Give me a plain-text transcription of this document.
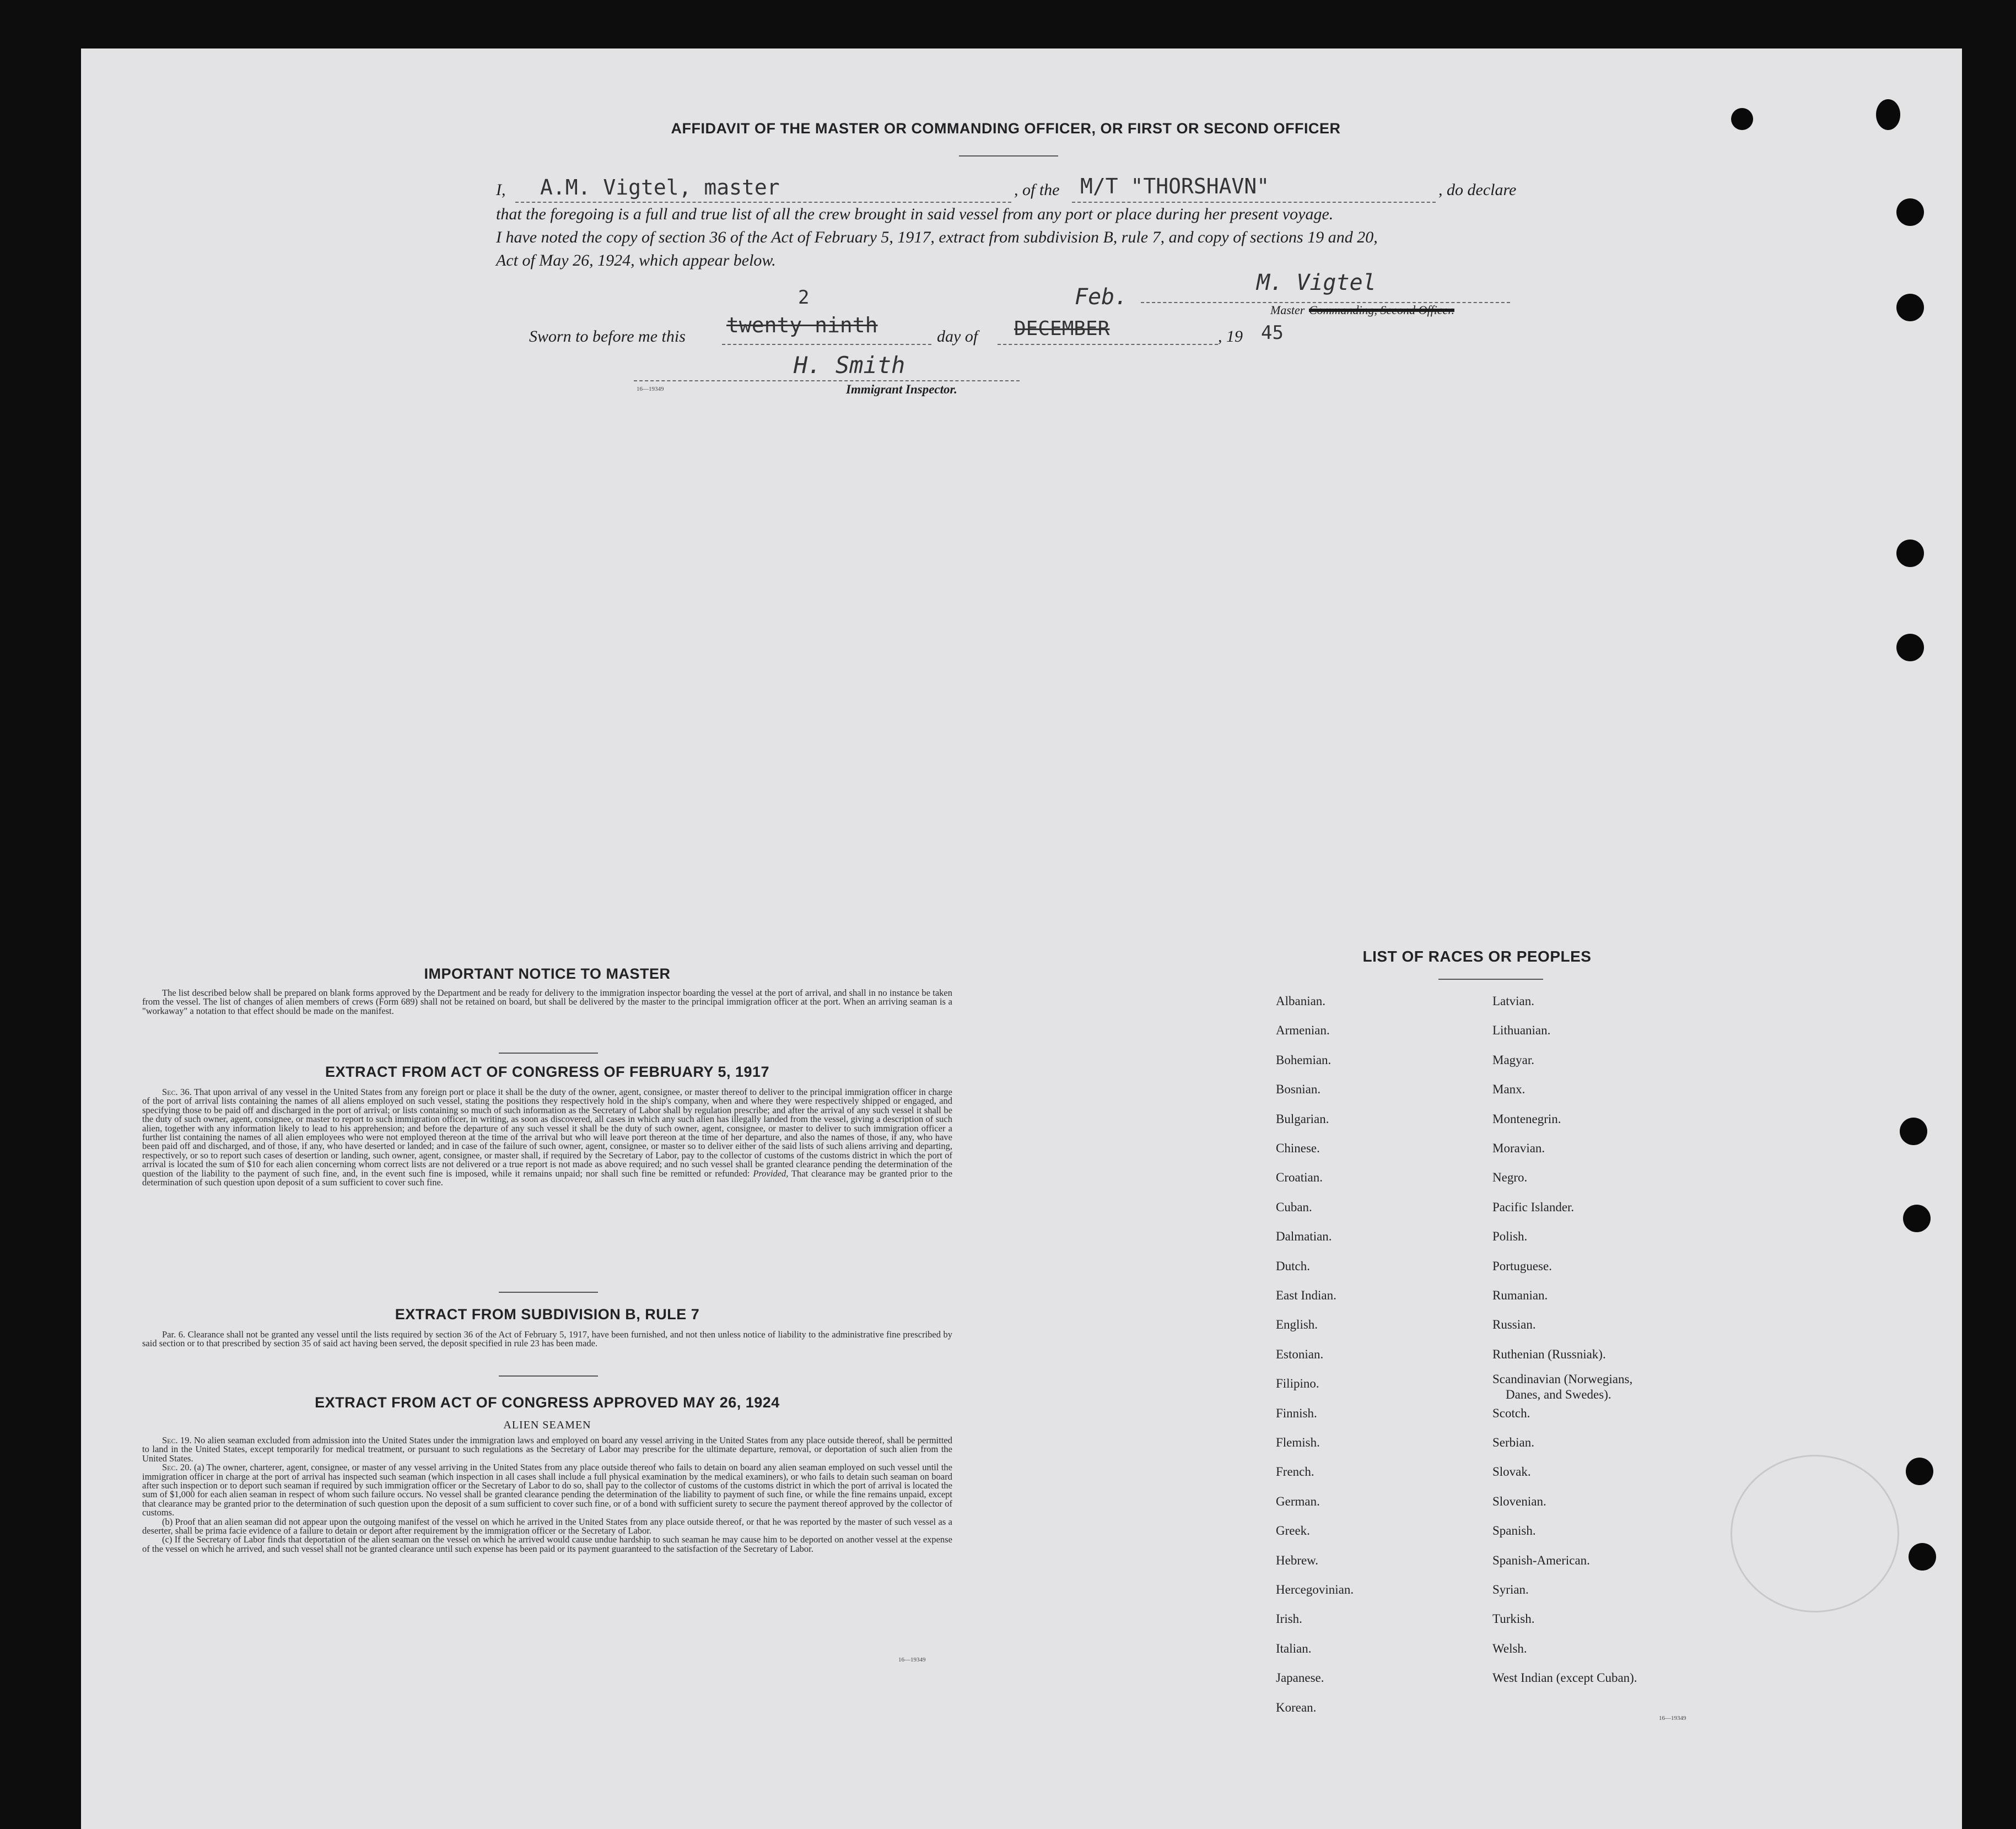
AFFIDAVIT OF THE MASTER OR COMMANDING OFFICER, OR FIRST OR SECOND OFFICER
I, A.M. Vigtel, master	, of the M/T "THORSHAVN"	, do declare
that the foregoing is a full and true list of all the crew brought in said vessel from any port or place during her present voyage.
I have noted the copy of section 36 of the Act of February 5, 1917, extract from subdivision B, rule 7, and copy of sections 19 and 20,
Act of May 26, 1924, which appear below.
M. Vigtel
Master Commanding, Second Officer.
Sworn to before me this
2
twenty ninth	day of
Feb.
DECEMBER	, 19 45
H. Smith
16—19349	Immigrant Inspector.
IMPORTANT NOTICE TO MASTER

The list described below shall be prepared on blank forms approved by the Department and be ready for delivery to the immigration inspector boarding the vessel at the port of arrival, and shall in no instance be taken from the vessel. The list of changes of alien members of crews (Form 689) shall not be retained on board, but shall be delivered by the master to the principal immigration officer at the port. When an arriving seaman is a "workaway" a notation to that effect should be made on the manifest.

EXTRACT FROM ACT OF CONGRESS OF FEBRUARY 5, 1917

Sec. 36. That upon arrival of any vessel in the United States from any foreign port or place it shall be the duty of the owner, agent, consignee, or master thereof to deliver to the principal immigration officer in charge of the port of arrival lists containing the names of all aliens employed on such vessel, stating the positions they respectively hold in the ship's company, when and where they were respectively shipped or engaged, and specifying those to be paid off and discharged in the port of arrival; or lists containing so much of such information as the Secretary of Labor shall by regulation prescribe; and after the arrival of any such vessel it shall be the duty of such owner, agent, consignee, or master to report to such immigration officer, in writing, as soon as discovered, all cases in which any such alien has illegally landed from the vessel, giving a description of such alien, together with any information likely to lead to his apprehension; and before the departure of any such vessel it shall be the duty of such owner, agent, consignee, or master to deliver to such immigration officer a further list containing the names of all alien employees who were not employed thereon at the time of the arrival but who will leave port thereon at the time of her departure, and also the names of those, if any, who have been paid off and discharged, and of those, if any, who have deserted or landed; and in case of the failure of such owner, agent, consignee, or master so to deliver either of the said lists of such aliens arriving and departing, respectively, or so to report such cases of desertion or landing, such owner, agent, consignee, or master shall, if required by the Secretary of Labor, pay to the collector of customs of the customs district in which the port of arrival is located the sum of $10 for each alien concerning whom correct lists are not delivered or a true report is not made as above required; and no such vessel shall be granted clearance pending the determination of the question of the liability to the payment of such fine, and, in the event such fine is imposed, while it remains unpaid; nor shall such fine be remitted or refunded: Provided, That clearance may be granted prior to the determination of such question upon deposit of a sum sufficient to cover such fine.

EXTRACT FROM SUBDIVISION B, RULE 7

Par. 6. Clearance shall not be granted any vessel until the lists required by section 36 of the Act of February 5, 1917, have been furnished, and not then unless notice of liability to the administrative fine prescribed by said section or to that prescribed by section 35 of said act having been served, the deposit specified in rule 23 has been made.

EXTRACT FROM ACT OF CONGRESS APPROVED MAY 26, 1924
ALIEN SEAMEN

Sec. 19. No alien seaman excluded from admission into the United States under the immigration laws and employed on board any vessel arriving in the United States from any place outside thereof, shall be permitted to land in the United States, except temporarily for medical treatment, or pursuant to such regulations as the Secretary of Labor may prescribe for the ultimate departure, removal, or deportation of such alien from the United States.

Sec. 20. (a) The owner, charterer, agent, consignee, or master of any vessel arriving in the United States from any place outside thereof who fails to detain on board any alien seaman employed on such vessel until the immigration officer in charge at the port of arrival has inspected such seaman (which inspection in all cases shall include a full physical examination by the medical examiners), or who fails to detain such seaman on board after such inspection or to deport such seaman if required by such immigration officer or the Secretary of Labor to do so, shall pay to the collector of customs of the customs district in which the port of arrival is located the sum of $1,000 for each alien seaman in respect of whom such failure occurs. No vessel shall be granted clearance pending the determination of the liability to payment of such fine, or while the fine remains unpaid, except that clearance may be granted prior to the determination of such question upon the deposit of a sum sufficient to cover such fine, or of a bond with sufficient surety to secure the payment thereof approved by the collector of customs.

(b) Proof that an alien seaman did not appear upon the outgoing manifest of the vessel on which he arrived in the United States from any place outside thereof, or that he was reported by the master of such vessel as a deserter, shall be prima facie evidence of a failure to detain or deport after requirement by the immigration officer or the Secretary of Labor.

(c) If the Secretary of Labor finds that deportation of the alien seaman on the vessel on which he arrived would cause undue hardship to such seaman he may cause him to be deported on another vessel at the expense of the vessel on which he arrived, and such vessel shall not be granted clearance until such expense has been paid or its payment guaranteed to the satisfaction of the Secretary of Labor.

16—19349
LIST OF RACES OR PEOPLES
Albanian.
Armenian.
Bohemian.
Bosnian.
Bulgarian.
Chinese.
Croatian.
Cuban.
Dalmatian.
Dutch.
East Indian.
English.
Estonian.
Filipino.
Finnish.
Flemish.
French.
German.
Greek.
Hebrew.
Hercegovinian.
Irish.
Italian.
Japanese.
Korean.
Latvian.
Lithuanian.
Magyar.
Manx.
Montenegrin.
Moravian.
Negro.
Pacific Islander.
Polish.
Portuguese.
Rumanian.
Russian.
Ruthenian (Russniak).
Scandinavian (Norwegians,
Danes, and Swedes).
Scotch.
Serbian.
Slovak.
Slovenian.
Spanish.
Spanish-American.
Syrian.
Turkish.
Welsh.
West Indian (except Cuban).
16—19349
